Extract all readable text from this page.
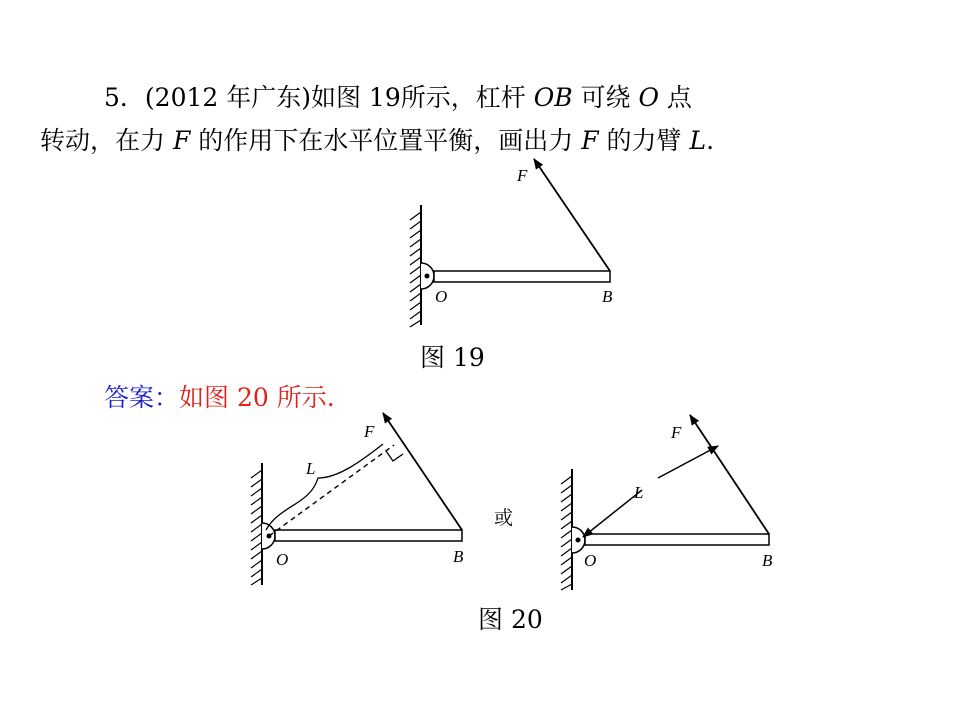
5．(2012 年广东)如图 19所示，杠杆 OB 可绕 O 点
转动，在力 F 的作用下在水平位置平衡，画出力 F 的力臂 L.
图 19
答案：如图 20 所示.
图 20
F
O	B
F
L
O	B
或
F
L
O	B
